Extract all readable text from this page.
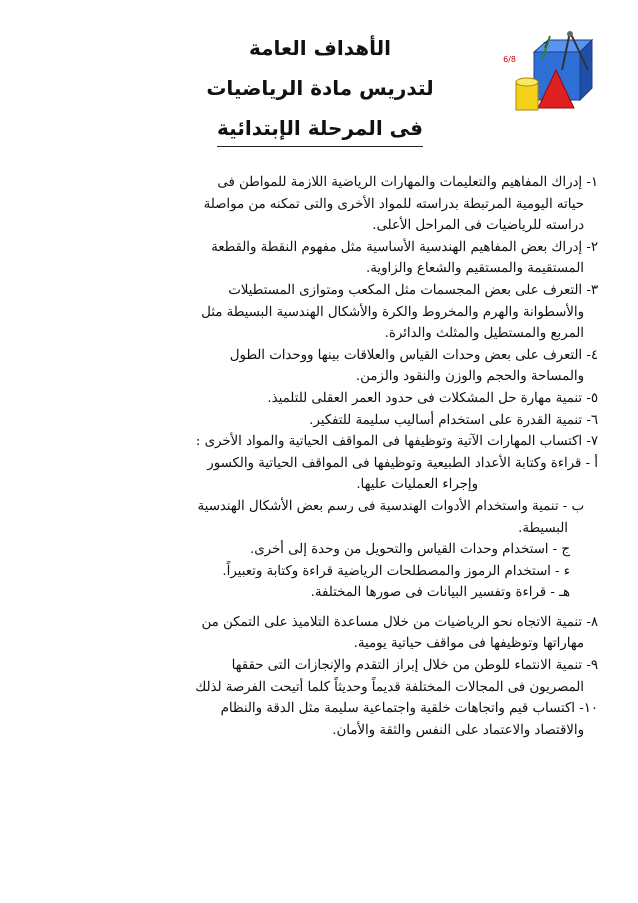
الأهداف العامة
لتدريس مادة الرياضيات
فى المرحلة الإبتدائية
6/8
7
١- إدراك المفاهيم والتعليمات والمهارات الرياضية اللازمة للمواطن فى
حياته اليومية المرتبطة بدراسته للمواد الأخرى والتى تمكنه من مواصلة
دراسته للرياضيات فى المراحل الأعلى.
٢- إدراك بعض المفاهيم الهندسية الأساسية مثل مفهوم النقطة والقطعة
المستقيمة والمستقيم والشعاع والزاوية.
٣- التعرف على بعض المجسمات مثل المكعب ومتوازى المستطيلات
والأسطوانة والهرم والمخروط والكرة والأشكال الهندسية البسيطة مثل
المربع والمستطيل والمثلث والدائرة.
٤- التعرف على بعض وحدات القياس والعلاقات بينها ووحدات الطول
والمساحة والحجم والوزن والنقود والزمن.
٥- تنمية مهارة حل المشكلات فى حدود العمر العقلى للتلميذ.
٦- تنمية القدرة على استخدام أساليب سليمة للتفكير.
٧- اكتساب المهارات الآتية وتوظيفها فى المواقف الحياتية والمواد الأخرى :
أ - قراءة وكتابة الأعداد الطبيعية وتوظيفها فى المواقف الحياتية والكسور
وإجراء العمليات عليها.
ب - تنمية واستخدام الأدوات الهندسية فى رسم بعض الأشكال الهندسية
البسيطة.
ج - استخدام وحدات القياس والتحويل من وحدة إلى أخرى.
ء - استخدام الرموز والمصطلحات الرياضية قراءة وكتابة وتعبيراً.
هـ - قراءة وتفسير البيانات فى صورها المختلفة.
٨- تنمية الاتجاه نحو الرياضيات من خلال مساعدة التلاميذ على التمكن من
مهاراتها وتوظيفها فى مواقف حياتية يومية.
٩- تنمية الانتماء للوطن من خلال إبراز التقدم والإنجازات التى حققها
المصريون فى المجالات المختلفة قديماً وحديثاً كلما أتيحت الفرصة لذلك
١٠- اكتساب قيم واتجاهات خلقية واجتماعية سليمة مثل الدقة والنظام
والاقتصاد والاعتماد على النفس والثقة والأمان.
